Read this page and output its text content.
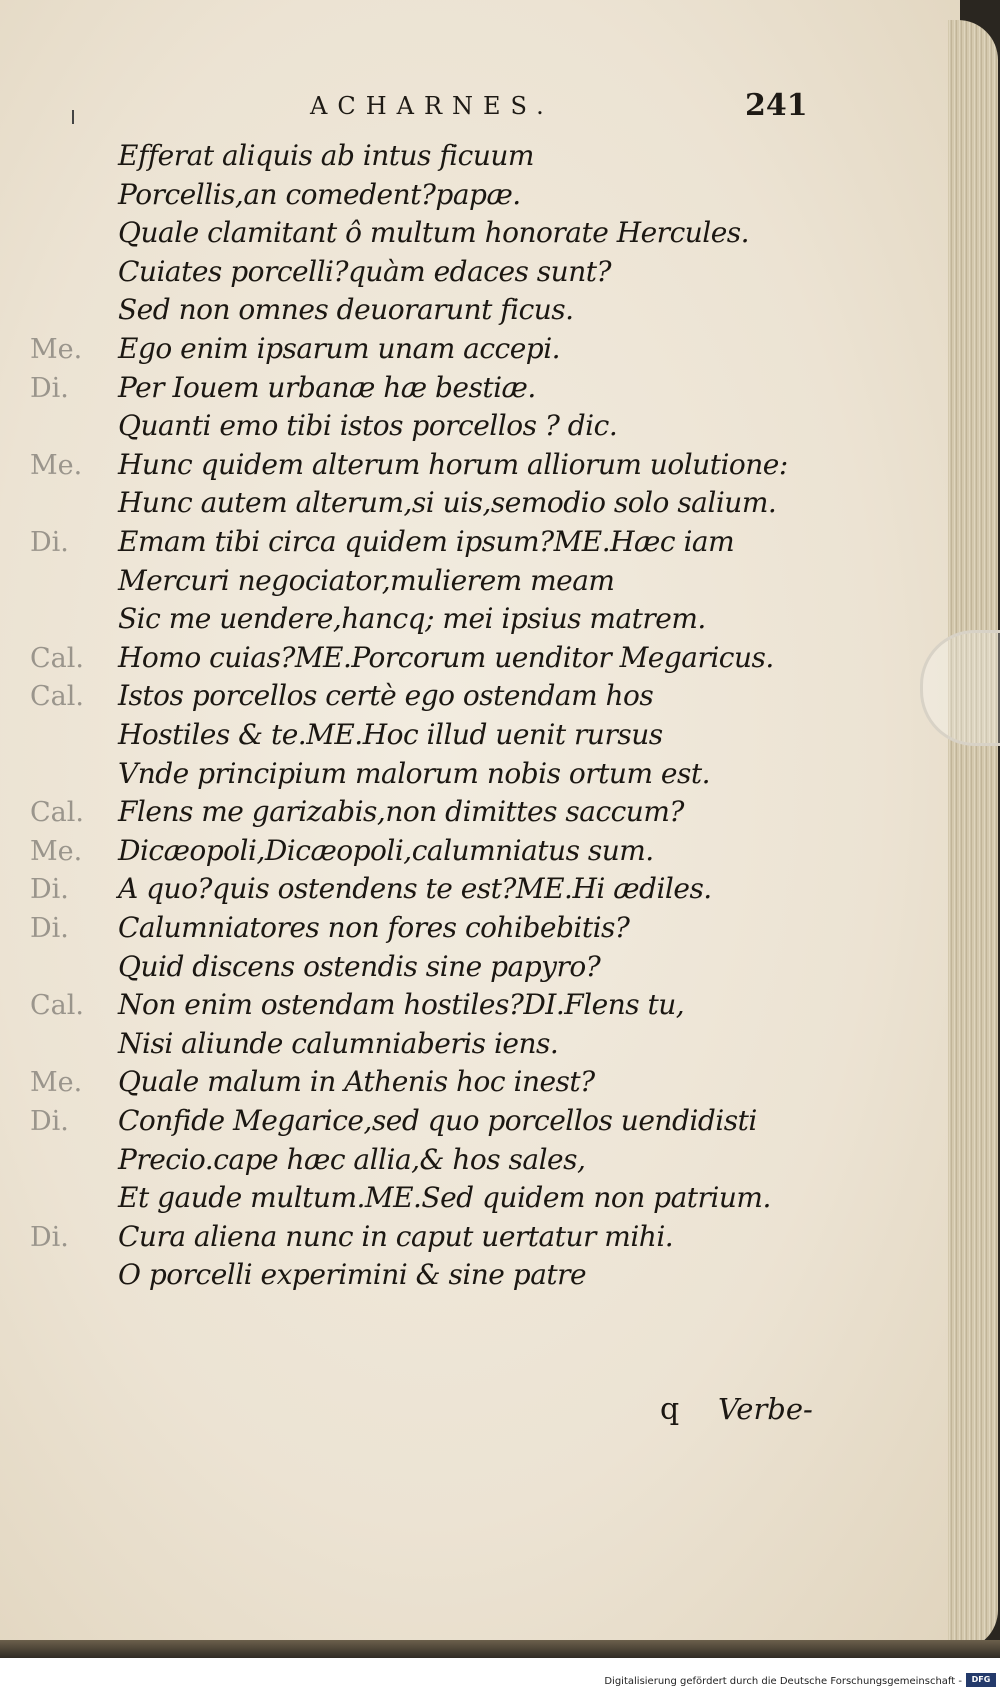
ACHARNES.	241
Efferat aliquis ab intus ficuum
Porcellis,an comedent?papæ.
Quale clamitant ô multum honorate Hercules.
Cuiates porcelli?quàm edaces sunt?
Sed non omnes deuorarunt ficus.
Me.	Ego enim ipsarum unam accepi.
Di.	Per Iouem urbanæ hæ bestiæ.
Quanti emo tibi istos porcellos ? dic.
Me.	Hunc quidem alterum horum alliorum uolutione:
Hunc autem alterum,si uis,semodio solo salium.
Di.	Emam tibi circa quidem ipsum?ME.Hæc iam
Mercuri negociator,mulierem meam
Sic me uendere,hancq; mei ipsius matrem.
Cal.	Homo cuias?ME.Porcorum uenditor Megaricus.
Cal.	Istos porcellos certè ego ostendam hos
Hostiles & te.ME.Hoc illud uenit rursus
Vnde principium malorum nobis ortum est.
Cal.	Flens me garizabis,non dimittes saccum?
Me.	Dicæopoli,Dicæopoli,calumniatus sum.
Di.	A quo?quis ostendens te est?ME.Hi ædiles.
Di.	Calumniatores non fores cohibebitis?
Quid discens ostendis sine papyro?
Cal.	Non enim ostendam hostiles?DI.Flens tu,
Nisi aliunde calumniaberis iens.
Me.	Quale malum in Athenis hoc inest?
Di.	Confide Megarice,sed quo porcellos uendidisti
Precio.cape hæc allia,& hos sales,
Et gaude multum.ME.Sed quidem non patrium.
Di.	Cura aliena nunc in caput uertatur mihi.
O porcelli experimini & sine patre
q Verbe-
Digitalisierung gefördert durch die Deutsche Forschungsgemeinschaft -	DFG
